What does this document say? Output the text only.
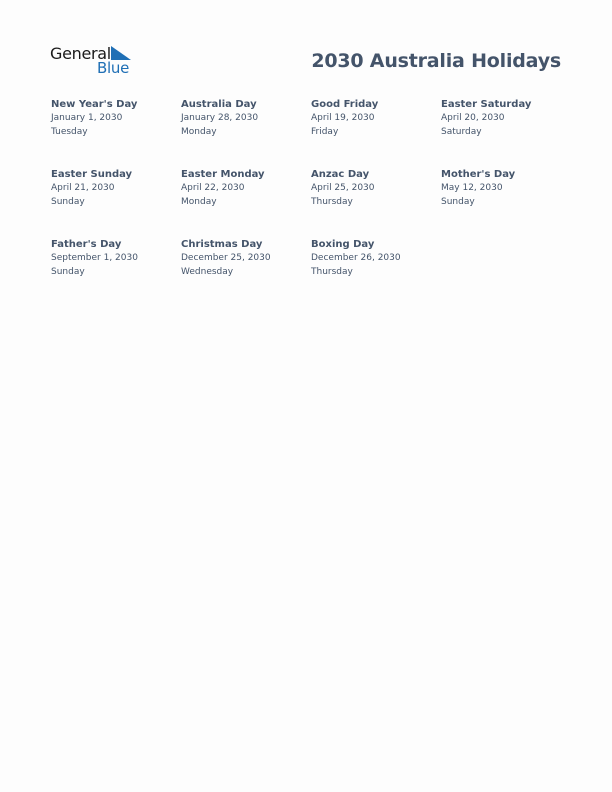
General
Blue	2030 Australia Holidays
New Year's Day
January 1, 2030
Tuesday
Australia Day
January 28, 2030
Monday
Good Friday
April 19, 2030
Friday
Easter Saturday
April 20, 2030
Saturday
Easter Sunday
April 21, 2030
Sunday
Easter Monday
April 22, 2030
Monday
Anzac Day
April 25, 2030
Thursday
Mother's Day
May 12, 2030
Sunday
Father's Day
September 1, 2030
Sunday
Christmas Day
December 25, 2030
Wednesday
Boxing Day
December 26, 2030
Thursday
